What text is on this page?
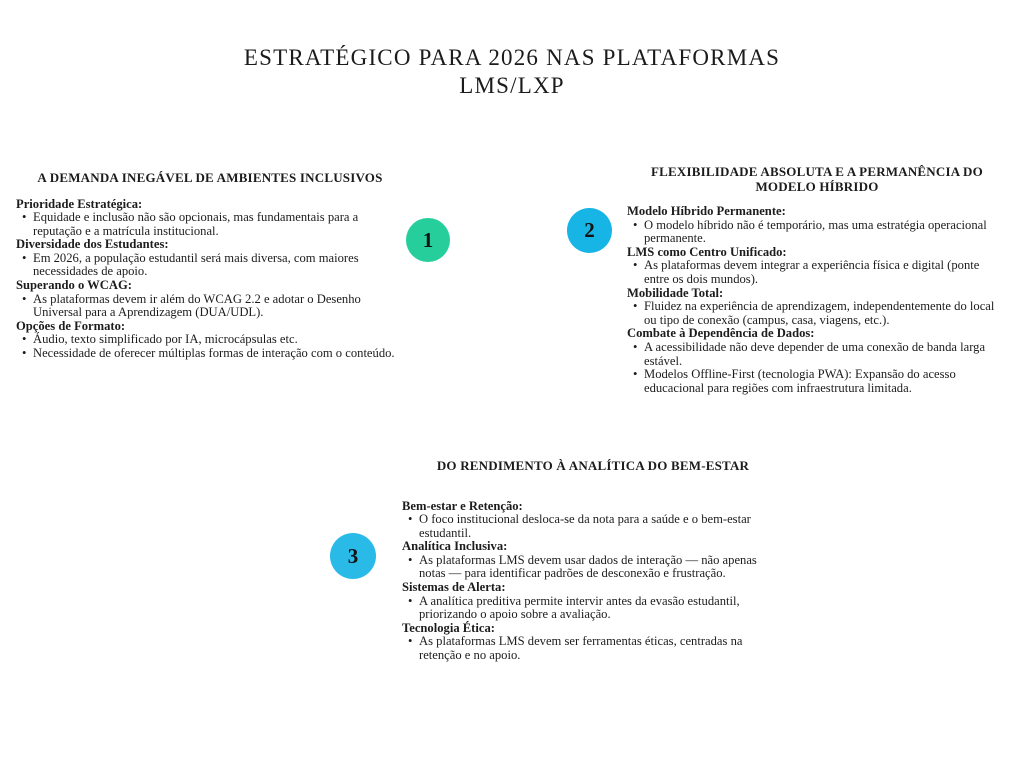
ESTRATÉGICO PARA 2026 NAS PLATAFORMAS
LMS/LXP
1	2
3
A DEMANDA INEGÁVEL DE AMBIENTES INCLUSIVOS
Prioridade Estratégica:
• Equidade e inclusão não são opcionais, mas fundamentais para a reputação e a matrícula institucional.
Diversidade dos Estudantes:
• Em 2026, a população estudantil será mais diversa, com maiores necessidades de apoio.
Superando o WCAG:
• As plataformas devem ir além do WCAG 2.2 e adotar o Desenho Universal para a Aprendizagem (DUA/UDL).
Opções de Formato:
• Áudio, texto simplificado por IA, microcápsulas etc.
• Necessidade de oferecer múltiplas formas de interação com o conteúdo.
FLEXIBILIDADE ABSOLUTA E A PERMANÊNCIA DO MODELO HÍBRIDO
Modelo Híbrido Permanente:
• O modelo híbrido não é temporário, mas uma estratégia operacional permanente.
LMS como Centro Unificado:
• As plataformas devem integrar a experiência física e digital (ponte entre os dois mundos).
Mobilidade Total:
• Fluidez na experiência de aprendizagem, independentemente do local ou tipo de conexão (campus, casa, viagens, etc.).
Combate à Dependência de Dados:
• A acessibilidade não deve depender de uma conexão de banda larga estável.
• Modelos Offline-First (tecnologia PWA): Expansão do acesso educacional para regiões com infraestrutura limitada.
DO RENDIMENTO À ANALÍTICA DO BEM-ESTAR
Bem-estar e Retenção:
• O foco institucional desloca-se da nota para a saúde e o bem-estar estudantil.
Analítica Inclusiva:
• As plataformas LMS devem usar dados de interação — não apenas notas — para identificar padrões de desconexão e frustração.
Sistemas de Alerta:
• A analítica preditiva permite intervir antes da evasão estudantil, priorizando o apoio sobre a avaliação.
Tecnologia Ética:
• As plataformas LMS devem ser ferramentas éticas, centradas na retenção e no apoio.
